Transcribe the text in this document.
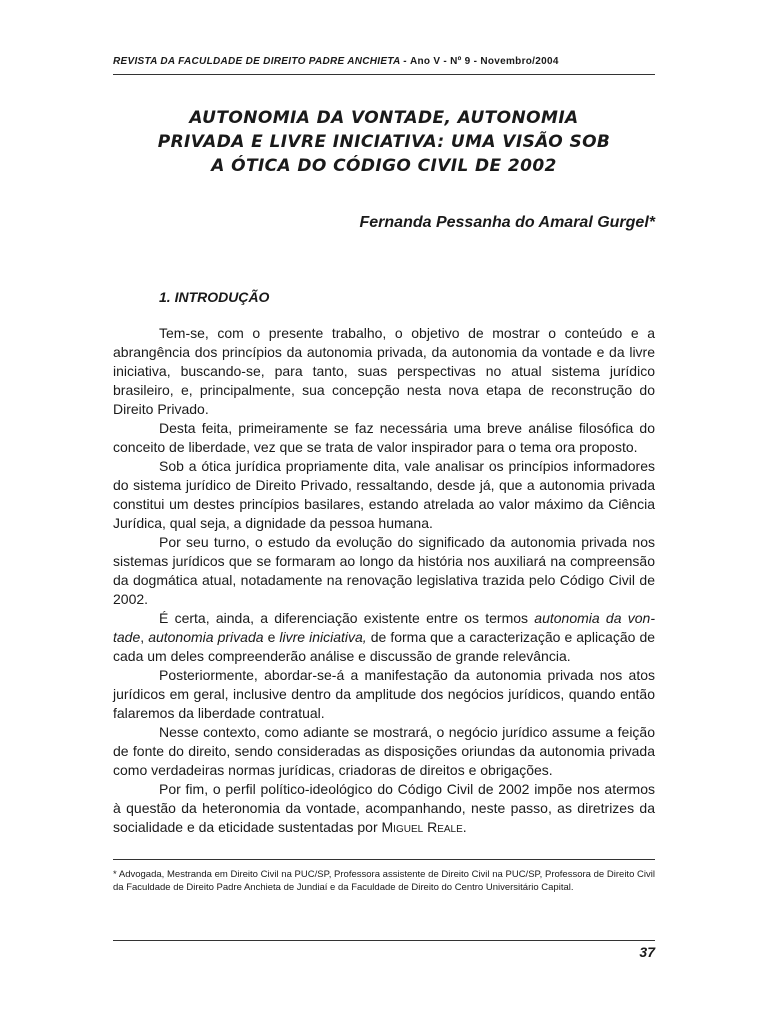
REVISTA DA FACULDADE DE DIREITO PADRE ANCHIETA - Ano V - Nº 9 - Novembro/2004
AUTONOMIA DA VONTADE, AUTONOMIA
PRIVADA E LIVRE INICIATIVA: UMA VISÃO SOB
A ÓTICA DO CÓDIGO CIVIL DE 2002
Fernanda Pessanha do Amaral Gurgel*
1. INTRODUÇÃO

Tem-se, com o presente trabalho, o objetivo de mostrar o conteúdo e a abrangência dos princípios da autonomia privada, da autonomia da vontade e da livre iniciativa, buscando-se, para tanto, suas perspectivas no atual sistema jurídico brasileiro, e, principalmente, sua concepção nesta nova etapa de reconstrução do Direito Privado.

Desta feita, primeiramente se faz necessária uma breve análise filosófica do conceito de liberdade, vez que se trata de valor inspirador para o tema ora proposto.

Sob a ótica jurídica propriamente dita, vale analisar os princípios informadores do sistema jurídico de Direito Privado, ressaltando, desde já, que a autonomia privada constitui um destes princípios basilares, estando atrelada ao valor máximo da Ciência Jurídica, qual seja, a dignidade da pessoa humana.

Por seu turno, o estudo da evolução do significado da autonomia privada nos sistemas jurídicos que se formaram ao longo da história nos auxiliará na compreensão da dogmática atual, notadamente na renovação legislativa trazida pelo Código Civil de 2002.

É certa, ainda, a diferenciação existente entre os termos autonomia da vontade, autonomia privada e livre iniciativa, de forma que a caracterização e aplicação de cada um deles compreenderão análise e discussão de grande relevância.

Posteriormente, abordar-se-á a manifestação da autonomia privada nos atos jurídicos em geral, inclusive dentro da amplitude dos negócios jurídicos, quando então falaremos da liberdade contratual.

Nesse contexto, como adiante se mostrará, o negócio jurídico assume a feição de fonte do direito, sendo consideradas as disposições oriundas da autonomia privada como verdadeiras normas jurídicas, criadoras de direitos e obrigações.

Por fim, o perfil político-ideológico do Código Civil de 2002 impõe nos atermos à questão da heteronomia da vontade, acompanhando, neste passo, as diretrizes da socialidade e da eticidade sustentadas por Miguel Reale.

* Advogada, Mestranda em Direito Civil na PUC/SP, Professora assistente de Direito Civil na PUC/SP, Professora de Direito Civil da Faculdade de Direito Padre Anchieta de Jundiaí e da Faculdade de Direito do Centro Universitário Capital.
37
